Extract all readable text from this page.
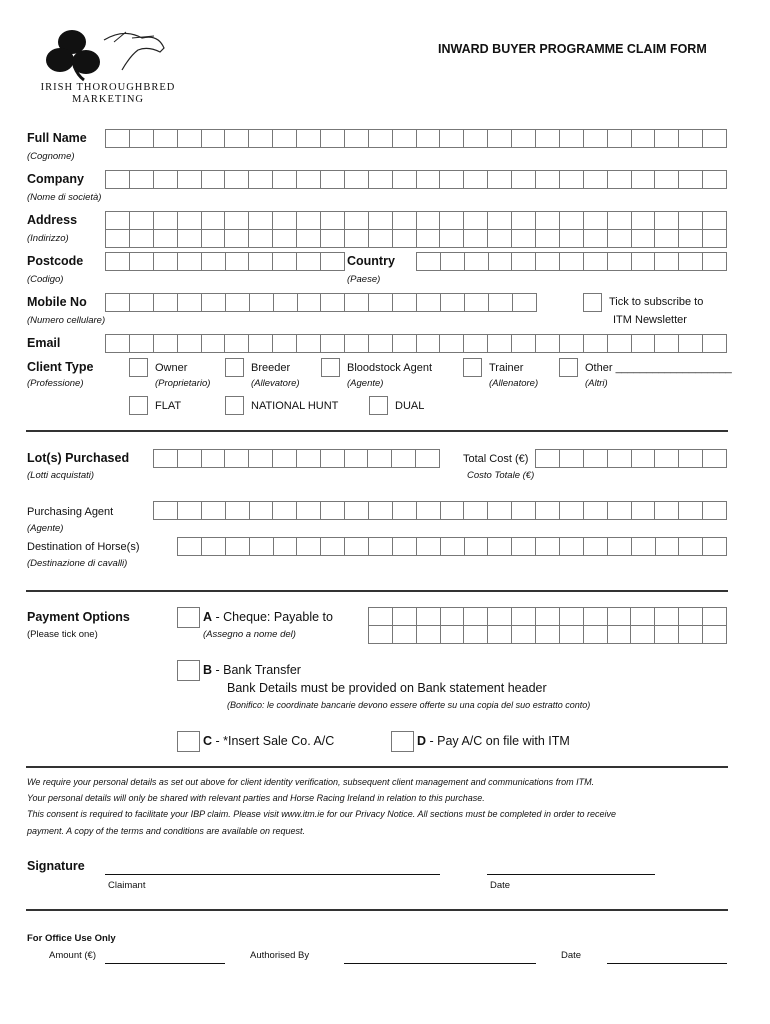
IRISH THOROUGHBRED
MARKETING
INWARD BUYER PROGRAMME CLAIM FORM
Full Name
(Cognome)
Company
(Nome di società)
Address
(Indirizzo)
Postcode
(Codigo)
Country
(Paese)
Mobile No
(Numero cellulare)
Tick to subscribe to
ITM Newsletter
Email
Client Type
(Professione)
Owner
(Proprietario)
Breeder
(Allevatore)
Bloodstock Agent
(Agente)
Trainer
(Allenatore)
Other ___________________
(Altri)
FLAT	NATIONAL HUNT	DUAL
Lot(s) Purchased
(Lotti acquistati)
Total Cost (€)
Costo Totale (€)
Purchasing Agent
(Agente)
Destination of Horse(s)
(Destinazione di cavalli)
Payment Options
(Please tick one)
A - Cheque: Payable to
(Assegno a nome del)
B - Bank Transfer
Bank Details must be provided on Bank statement header
(Bonifico: le coordinate bancarie devono essere offerte su una copia del suo estratto conto)
C - *Insert Sale Co. A/C	D - Pay A/C on file with ITM
We require your personal details as set out above for client identity verification, subsequent client management and communications from ITM.
Your personal details will only be shared with relevant parties and Horse Racing Ireland in relation to this purchase.
This consent is required to facilitate your IBP claim. Please visit www.itm.ie for our Privacy Notice. All sections must be completed in order to receive
payment. A copy of the terms and conditions are available on request.
Signature
Claimant	Date
For Office Use Only
Amount (€)	Authorised By	Date
